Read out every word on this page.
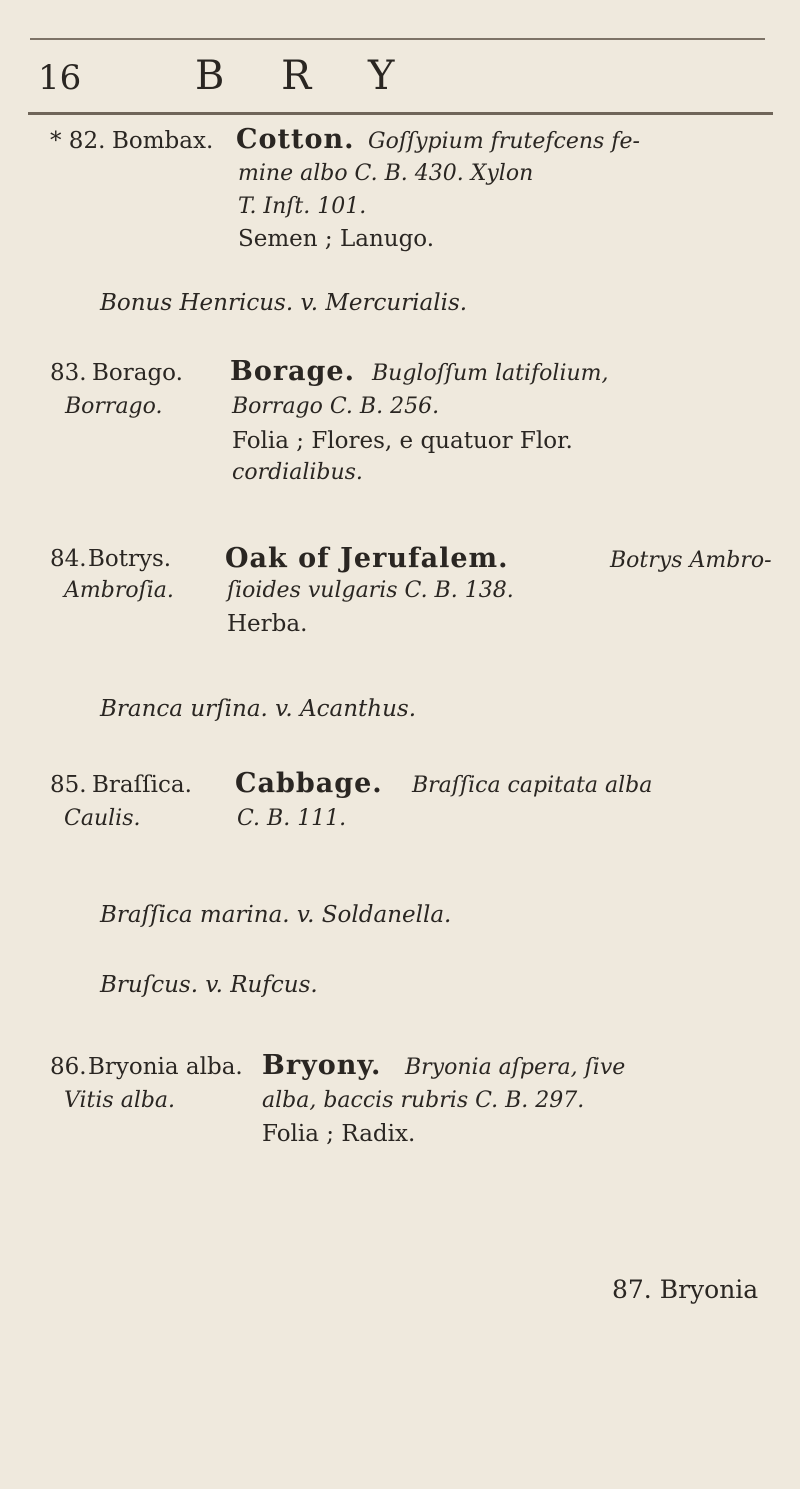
16	B R Y
* 82. Bombax. Cotton. Goſſypium frutefcens fe-
mine albo C. B. 430. Xylon
T. Inſt. 101.
Semen ; Lanugo.
Bonus Henricus. v. Mercurialis.
83. Borago.
Borrago.
Borage. Bugloſſum latifolium,
Borrago C. B. 256.
Folia ; Flores, e quatuor Flor.
cordialibus.
84. Botrys.
Ambroſia.
Oak of Jerufalem.	Botrys Ambro-
ſioides vulgaris C. B. 138.
Herba.
Branca urſina. v. Acanthus.
85. Braſſica.
Caulis.
Cabbage. Braſſica capitata alba
C. B. 111.
Braſſica marina. v. Soldanella.
Bruſcus. v. Rufcus.
86. Bryonia alba.
Vitis alba.
Bryony. Bryonia aſpera, ſive
alba, baccis rubris C. B. 297.
Folia ; Radix.
87. Bryonia
